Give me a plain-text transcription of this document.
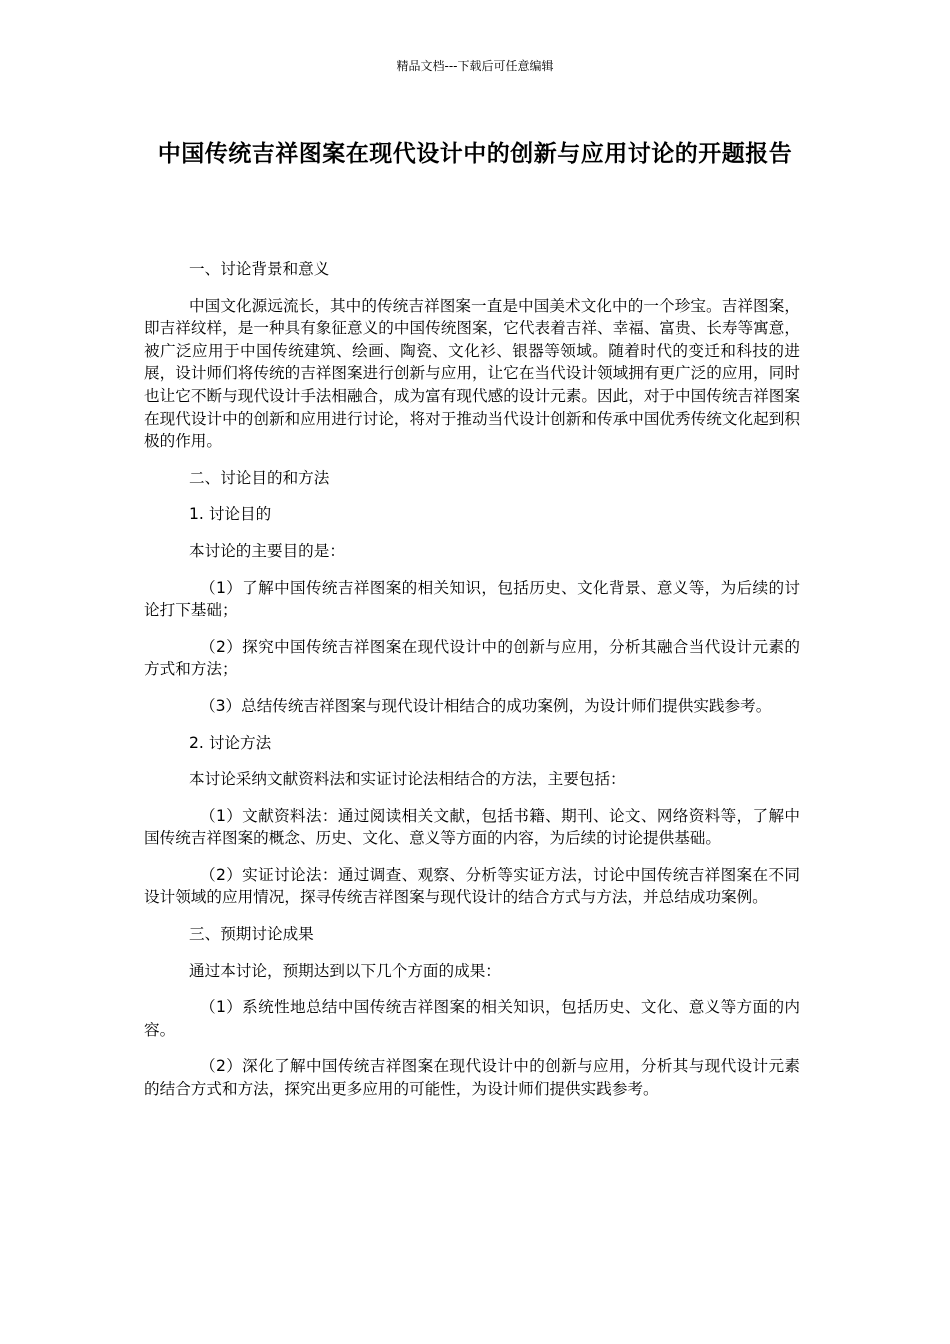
精品文档---下载后可任意编辑
中国传统吉祥图案在现代设计中的创新与应用讨论的开题报告

一、讨论背景和意义

中国文化源远流长，其中的传统吉祥图案一直是中国美术文化中的一个珍宝。吉祥图案，即吉祥纹样，是一种具有象征意义的中国传统图案，它代表着吉祥、幸福、富贵、长寿等寓意，被广泛应用于中国传统建筑、绘画、陶瓷、文化衫、银器等领域。随着时代的变迁和科技的进展，设计师们将传统的吉祥图案进行创新与应用，让它在当代设计领域拥有更广泛的应用，同时也让它不断与现代设计手法相融合，成为富有现代感的设计元素。因此，对于中国传统吉祥图案在现代设计中的创新和应用进行讨论，将对于推动当代设计创新和传承中国优秀传统文化起到积极的作用。

二、讨论目的和方法

1. 讨论目的

本讨论的主要目的是：

（1）了解中国传统吉祥图案的相关知识，包括历史、文化背景、意义等，为后续的讨论打下基础；

（2）探究中国传统吉祥图案在现代设计中的创新与应用，分析其融合当代设计元素的方式和方法；

（3）总结传统吉祥图案与现代设计相结合的成功案例，为设计师们提供实践参考。

2. 讨论方法

本讨论采纳文献资料法和实证讨论法相结合的方法，主要包括：

（1）文献资料法：通过阅读相关文献，包括书籍、期刊、论文、网络资料等，了解中国传统吉祥图案的概念、历史、文化、意义等方面的内容，为后续的讨论提供基础。

（2）实证讨论法：通过调查、观察、分析等实证方法，讨论中国传统吉祥图案在不同设计领域的应用情况，探寻传统吉祥图案与现代设计的结合方式与方法，并总结成功案例。

三、预期讨论成果

通过本讨论，预期达到以下几个方面的成果：

（1）系统性地总结中国传统吉祥图案的相关知识，包括历史、文化、意义等方面的内容。

（2）深化了解中国传统吉祥图案在现代设计中的创新与应用，分析其与现代设计元素的结合方式和方法，探究出更多应用的可能性，为设计师们提供实践参考。
